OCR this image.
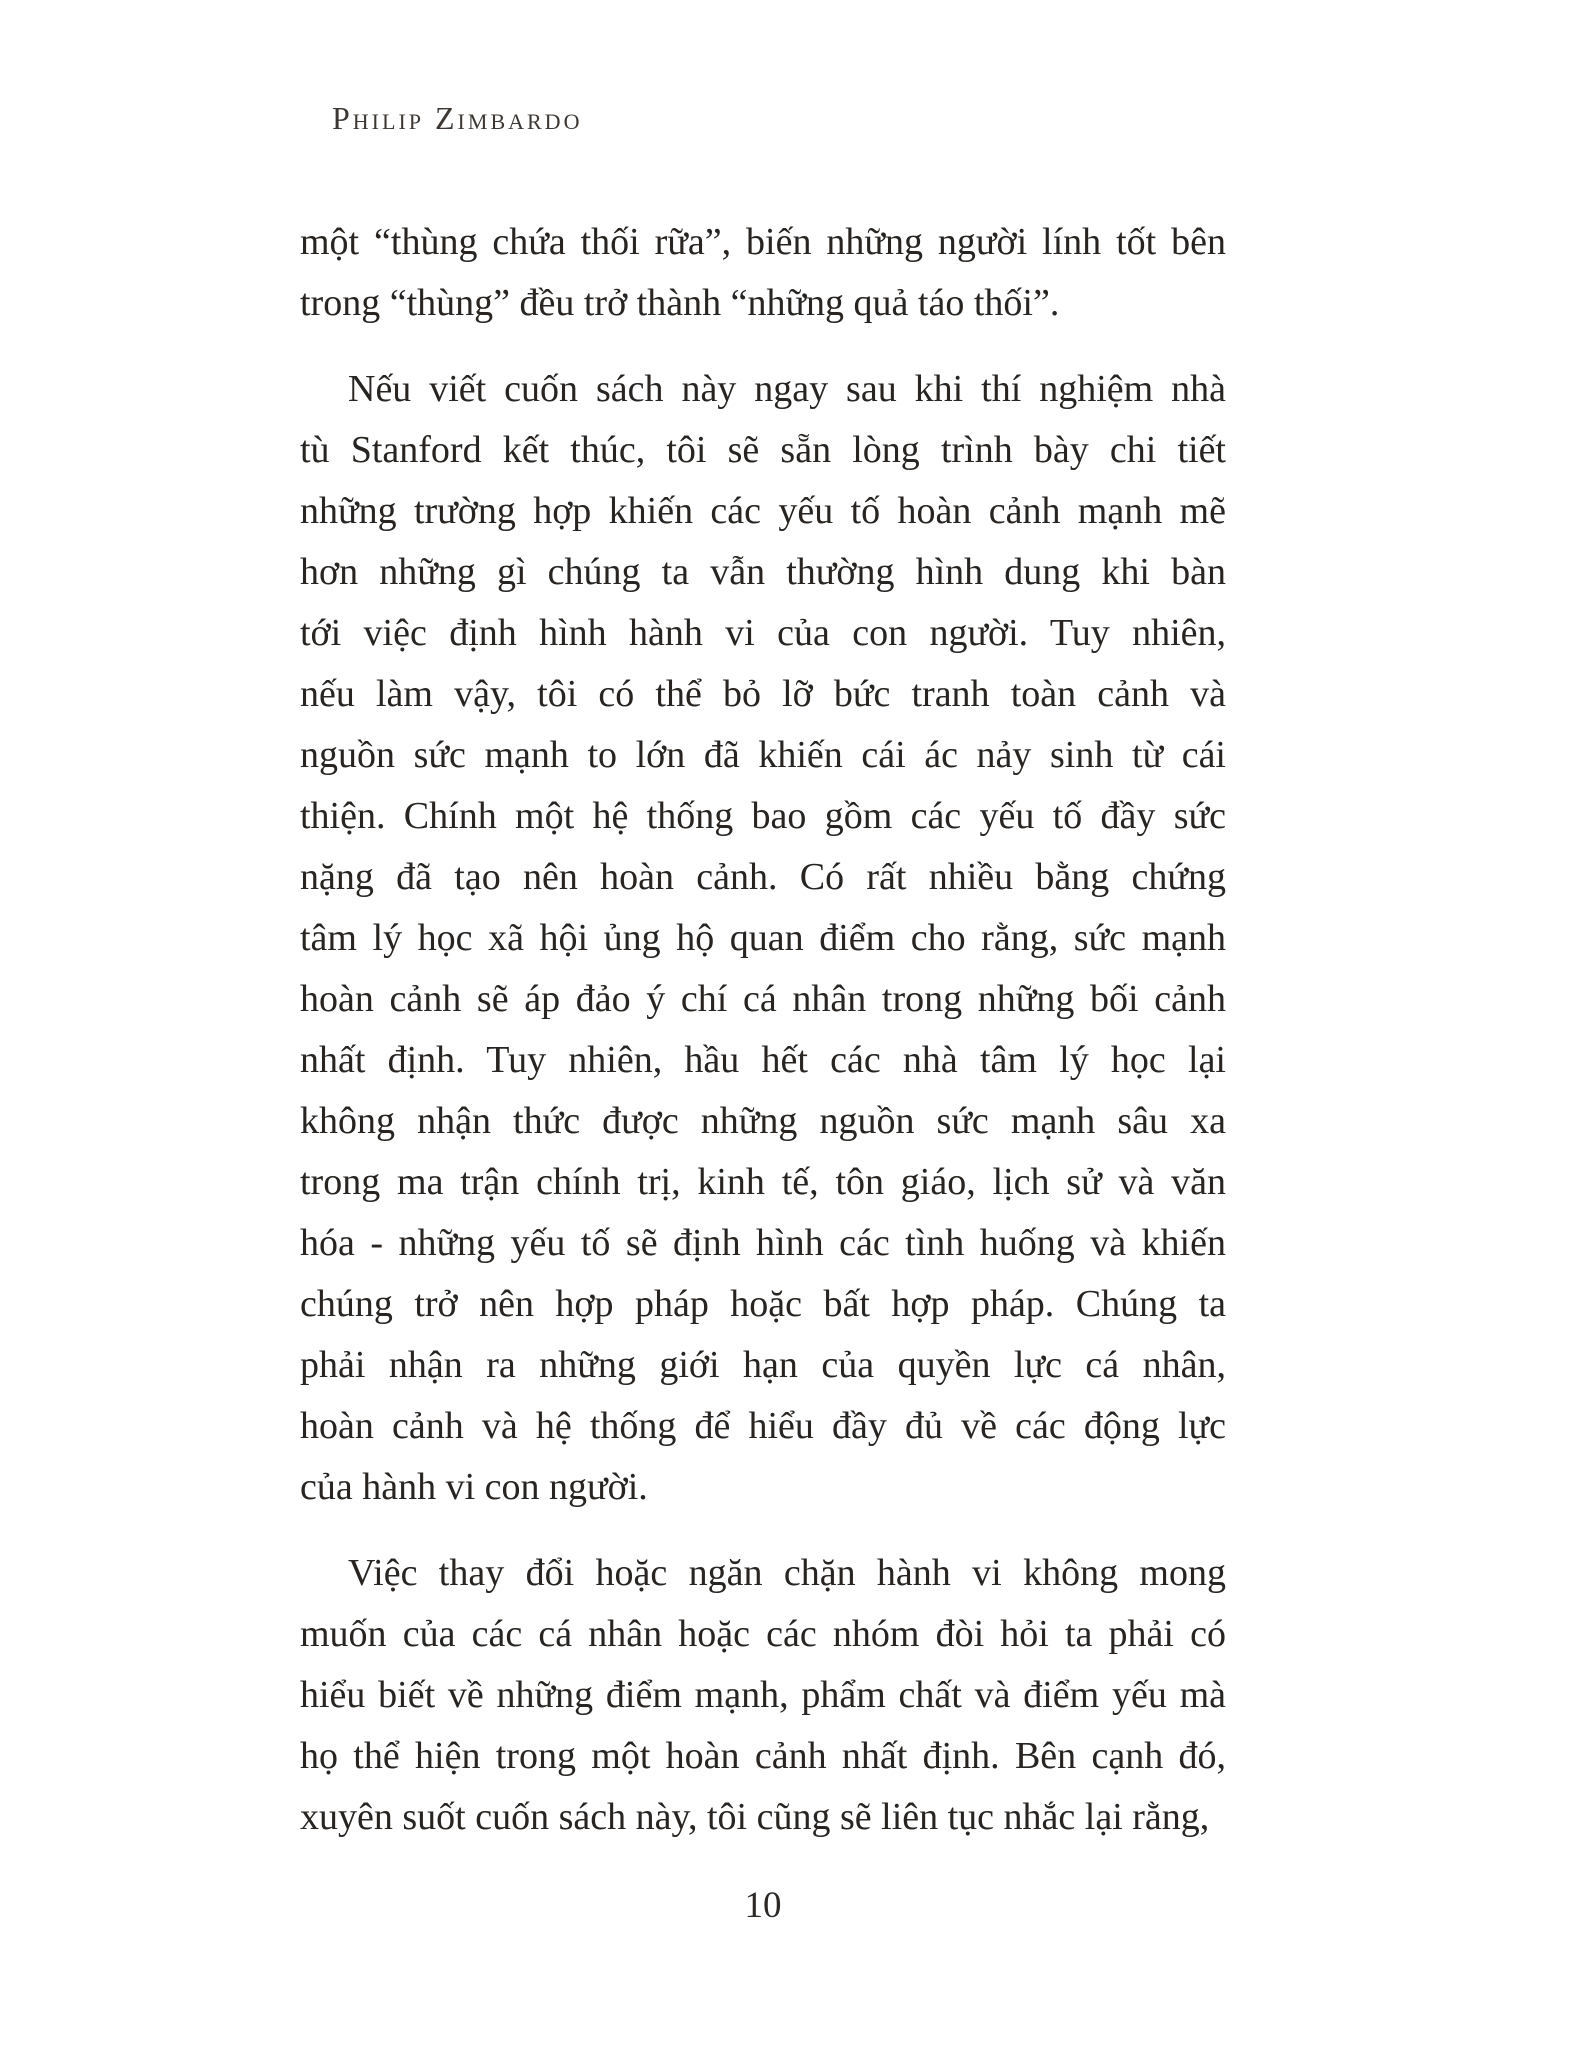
Philip Zimbardo
một “thùng chứa thối rữa”, biến những người lính tốt bên
trong “thùng” đều trở thành “những quả táo thối”.
Nếu viết cuốn sách này ngay sau khi thí nghiệm nhà
tù Stanford kết thúc, tôi sẽ sẵn lòng trình bày chi tiết
những trường hợp khiến các yếu tố hoàn cảnh mạnh mẽ
hơn những gì chúng ta vẫn thường hình dung khi bàn
tới việc định hình hành vi của con người. Tuy nhiên,
nếu làm vậy, tôi có thể bỏ lỡ bức tranh toàn cảnh và
nguồn sức mạnh to lớn đã khiến cái ác nảy sinh từ cái
thiện. Chính một hệ thống bao gồm các yếu tố đầy sức
nặng đã tạo nên hoàn cảnh. Có rất nhiều bằng chứng
tâm lý học xã hội ủng hộ quan điểm cho rằng, sức mạnh
hoàn cảnh sẽ áp đảo ý chí cá nhân trong những bối cảnh
nhất định. Tuy nhiên, hầu hết các nhà tâm lý học lại
không nhận thức được những nguồn sức mạnh sâu xa
trong ma trận chính trị, kinh tế, tôn giáo, lịch sử và văn
hóa - những yếu tố sẽ định hình các tình huống và khiến
chúng trở nên hợp pháp hoặc bất hợp pháp. Chúng ta
phải nhận ra những giới hạn của quyền lực cá nhân,
hoàn cảnh và hệ thống để hiểu đầy đủ về các động lực
của hành vi con người.
Việc thay đổi hoặc ngăn chặn hành vi không mong
muốn của các cá nhân hoặc các nhóm đòi hỏi ta phải có
hiểu biết về những điểm mạnh, phẩm chất và điểm yếu mà
họ thể hiện trong một hoàn cảnh nhất định. Bên cạnh đó,
xuyên suốt cuốn sách này, tôi cũng sẽ liên tục nhắc lại rằng,
10
